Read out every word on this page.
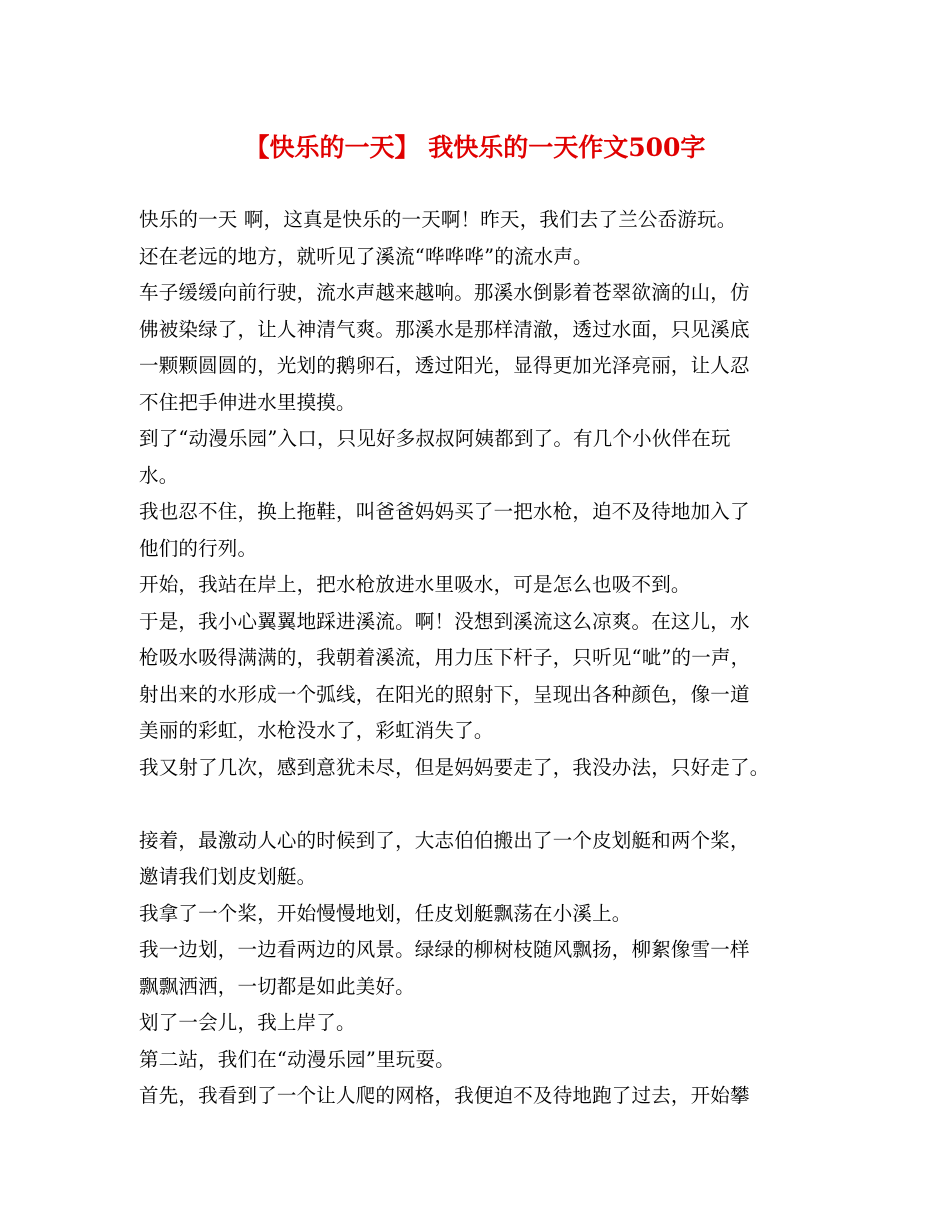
【快乐的一天】 我快乐的一天作文500字
快乐的一天 啊，这真是快乐的一天啊！昨天，我们去了兰公岙游玩。
还在老远的地方，就听见了溪流“哗哗哗”的流水声。
车子缓缓向前行驶，流水声越来越响。那溪水倒影着苍翠欲滴的山，仿
佛被染绿了，让人神清气爽。那溪水是那样清澈，透过水面，只见溪底
一颗颗圆圆的，光划的鹅卵石，透过阳光，显得更加光泽亮丽，让人忍
不住把手伸进水里摸摸。
到了“动漫乐园”入口，只见好多叔叔阿姨都到了。有几个小伙伴在玩
水。
我也忍不住，换上拖鞋，叫爸爸妈妈买了一把水枪，迫不及待地加入了
他们的行列。
开始，我站在岸上，把水枪放进水里吸水，可是怎么也吸不到。
于是，我小心翼翼地踩进溪流。啊！没想到溪流这么凉爽。在这儿，水
枪吸水吸得满满的，我朝着溪流，用力压下杆子，只听见“呲”的一声，
射出来的水形成一个弧线，在阳光的照射下，呈现出各种颜色，像一道
美丽的彩虹，水枪没水了，彩虹消失了。
我又射了几次，感到意犹未尽，但是妈妈要走了，我没办法，只好走了。
接着，最激动人心的时候到了，大志伯伯搬出了一个皮划艇和两个桨，
邀请我们划皮划艇。
我拿了一个桨，开始慢慢地划，任皮划艇飘荡在小溪上。
我一边划，一边看两边的风景。绿绿的柳树枝随风飘扬，柳絮像雪一样
飘飘洒洒，一切都是如此美好。
划了一会儿，我上岸了。
第二站，我们在“动漫乐园”里玩耍。
首先，我看到了一个让人爬的网格，我便迫不及待地跑了过去，开始攀
